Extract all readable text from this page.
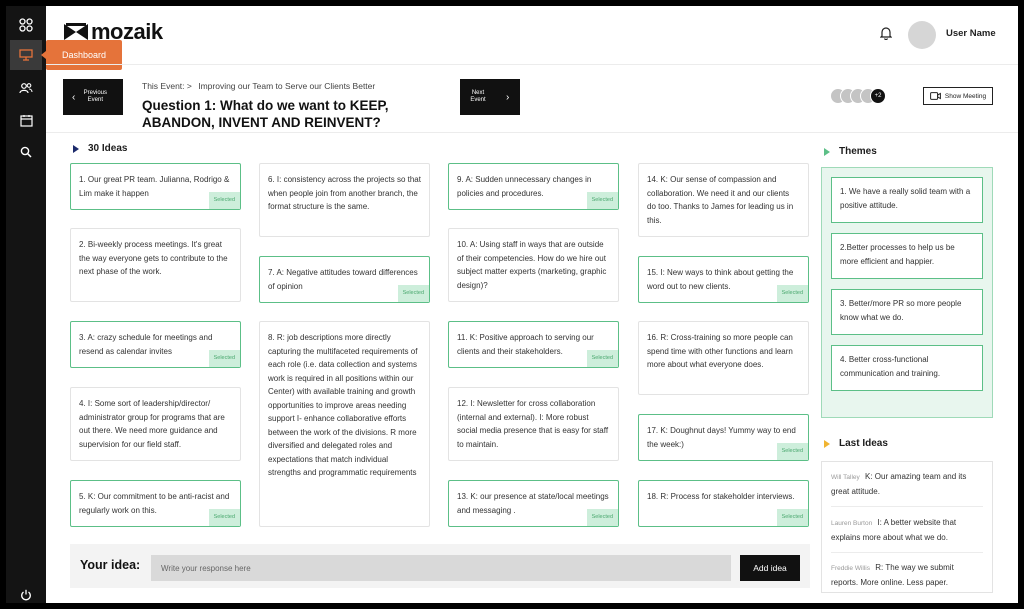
Dashboard
mozaik	User Name
‹	Previous Event
This Event: > Improving our Team to Serve our Clients Better
Question 1: What do we want to KEEP, ABANDON, INVENT AND REINVENT?
Next Event ›	+2	Show Meeting
30 Ideas
1. Our great PR team. Julianna, Rodrigo & Lim make it happen
Selected
2. Bi-weekly process meetings. It's great the way everyone gets to contribute to the next phase of the work.
3. A: crazy schedule for meetings and resend as calendar invites
Selected
4. I: Some sort of leadership/director/ administrator group for programs that are out there. We need more guidance and supervision for our field staff.
5. K: Our commitment to be anti-racist and regularly work on this.
Selected
6. I: consistency across the projects so that when people join from another branch, the format structure is the same.
7. A: Negative attitudes toward differences of opinion
Selected
8. R: job descriptions more directly capturing the multifaceted requirements of each role (i.e. data collection and systems work is required in all positions within our Center) with available training and growth opportunities to improve areas needing support I- enhance collaborative efforts between the work of the divisions. R more diversified and delegated roles and expectations that match individual strengths and programmatic requirements
9. A: Sudden unnecessary changes in policies and procedures.
Selected
10. A: Using staff in ways that are outside of their competencies. How do we hire out subject matter experts (marketing, graphic design)?
11. K: Positive approach to serving our clients and their stakeholders.
Selected
12. I: Newsletter for cross collaboration (internal and external). I: More robust social media presence that is easy for staff to maintain.
13. K: our presence at state/local meetings and messaging .
Selected
14. K: Our sense of compassion and collaboration. We need it and our clients do too. Thanks to James for leading us in this.
15. I: New ways to think about getting the word out to new clients.
Selected
16. R: Cross-training so more people can spend time with other functions and learn more about what everyone does.
17. K: Doughnut days! Yummy way to end the week:)
Selected
18. R: Process for stakeholder interviews.
Selected
Your idea:
Write your response here	Add idea
Themes
1. We have a really solid team with a positive attitude.
2.Better processes to help us be more efficient and happier.
3. Better/more PR so more people know what we do.
4. Better cross-functional communication and training.
Last Ideas
Will Talley K: Our amazing team and its great attitude.
Lauren Burton I: A better website that explains more about what we do.
Freddie Willis R: The way we submit reports. More online. Less paper.
